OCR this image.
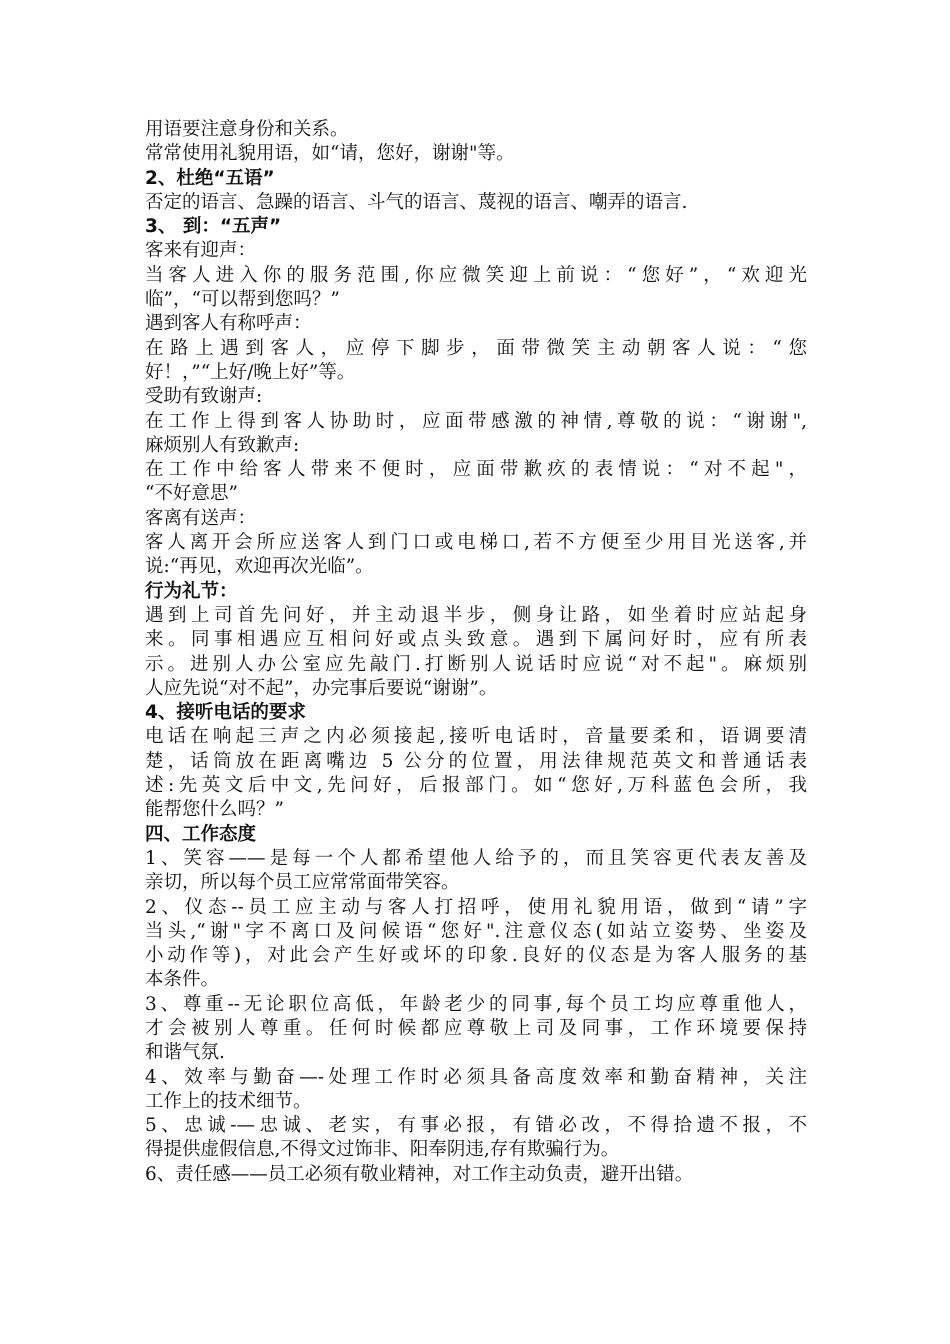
用语要注意身份和关系。
常常使用礼貌用语，如“请，您好，谢谢"等。
2、杜绝“五语”
否定的语言、急躁的语言、斗气的语言、蔑视的语言、嘲弄的语言.
3、 到：“五声”
客来有迎声：
当客人进入你的服务范围,你应微笑迎上前说：“您好”，“欢迎光
临”，“可以帮到您吗？”
遇到客人有称呼声：
在路上遇到客人，应停下脚步，面带微笑主动朝客人说：“您
好！，”“上好/晚上好”等。
受助有致谢声:
在工作上得到客人协助时，应面带感激的神情,尊敬的说：“谢谢",
麻烦别人有致歉声:
在工作中给客人带来不便时，应面带歉疚的表情说：“对不起"，
“不好意思”
客离有送声：
客人离开会所应送客人到门口或电梯口,若不方便至少用目光送客,并
说:“再见，欢迎再次光临”。
行为礼节：
遇到上司首先问好，并主动退半步，侧身让路，如坐着时应站起身
来。同事相遇应互相问好或点头致意。遇到下属问好时，应有所表
示。进别人办公室应先敲门.打断别人说话时应说“对不起"。麻烦别
人应先说“对不起”，办完事后要说“谢谢”。
4、接听电话的要求
电话在响起三声之内必须接起,接听电话时，音量要柔和，语调要清
楚，话筒放在距离嘴边 5 公分的位置，用法律规范英文和普通话表
述:先英文后中文,先问好，后报部门。如“您好,万科蓝色会所，我
能帮您什么吗？”
四、工作态度
1、笑容——是每一个人都希望他人给予的，而且笑容更代表友善及
亲切，所以每个员工应常常面带笑容。
2、仪态--员工应主动与客人打招呼，使用礼貌用语，做到“请”字
当头,“谢"字不离口及问候语“您好".注意仪态(如站立姿势、坐姿及
小动作等)，对此会产生好或坏的印象.良好的仪态是为客人服务的基
本条件。
3、尊重--无论职位高低，年龄老少的同事,每个员工均应尊重他人，
才会被别人尊重。任何时候都应尊敬上司及同事，工作环境要保持
和谐气氛.
4、效率与勤奋—-处理工作时必须具备高度效率和勤奋精神，关注
工作上的技术细节。
5、忠诚-—忠诚、老实，有事必报，有错必改，不得拾遗不报，不
得提供虚假信息,不得文过饰非、阳奉阴违,存有欺骗行为。
6、责任感——员工必须有敬业精神，对工作主动负责，避开出错。
